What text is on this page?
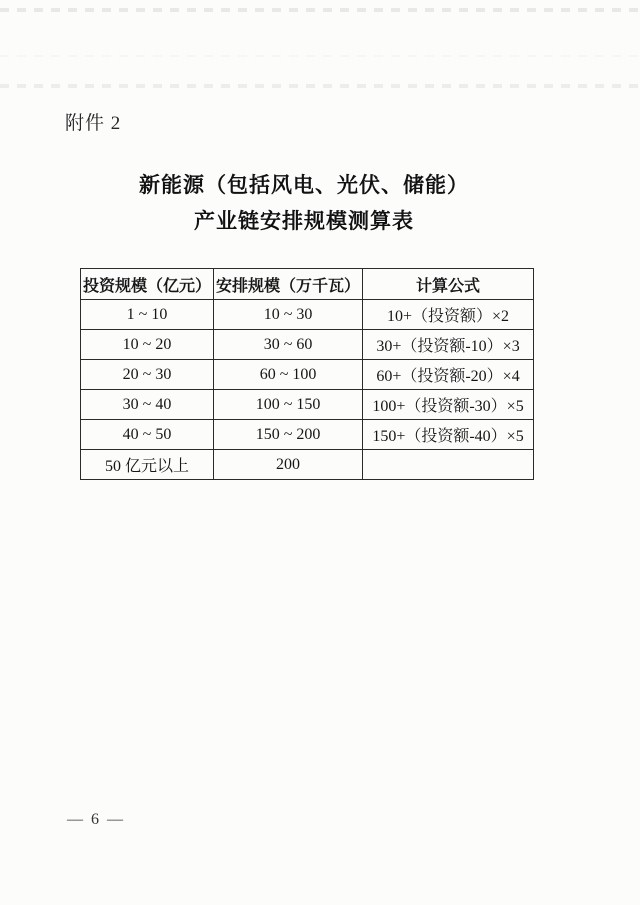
附件 2
新能源（包括风电、光伏、储能）
产业链安排规模测算表
投资规模（亿元）	安排规模（万千瓦）	计算公式
1 ~ 10	10 ~ 30	10+（投资额）×2
10 ~ 20	30 ~ 60	30+（投资额-10）×3
20 ~ 30	60 ~ 100	60+（投资额-20）×4
30 ~ 40	100 ~ 150	100+（投资额-30）×5
40 ~ 50	150 ~ 200	150+（投资额-40）×5
50 亿元以上	200	
— 6 —
